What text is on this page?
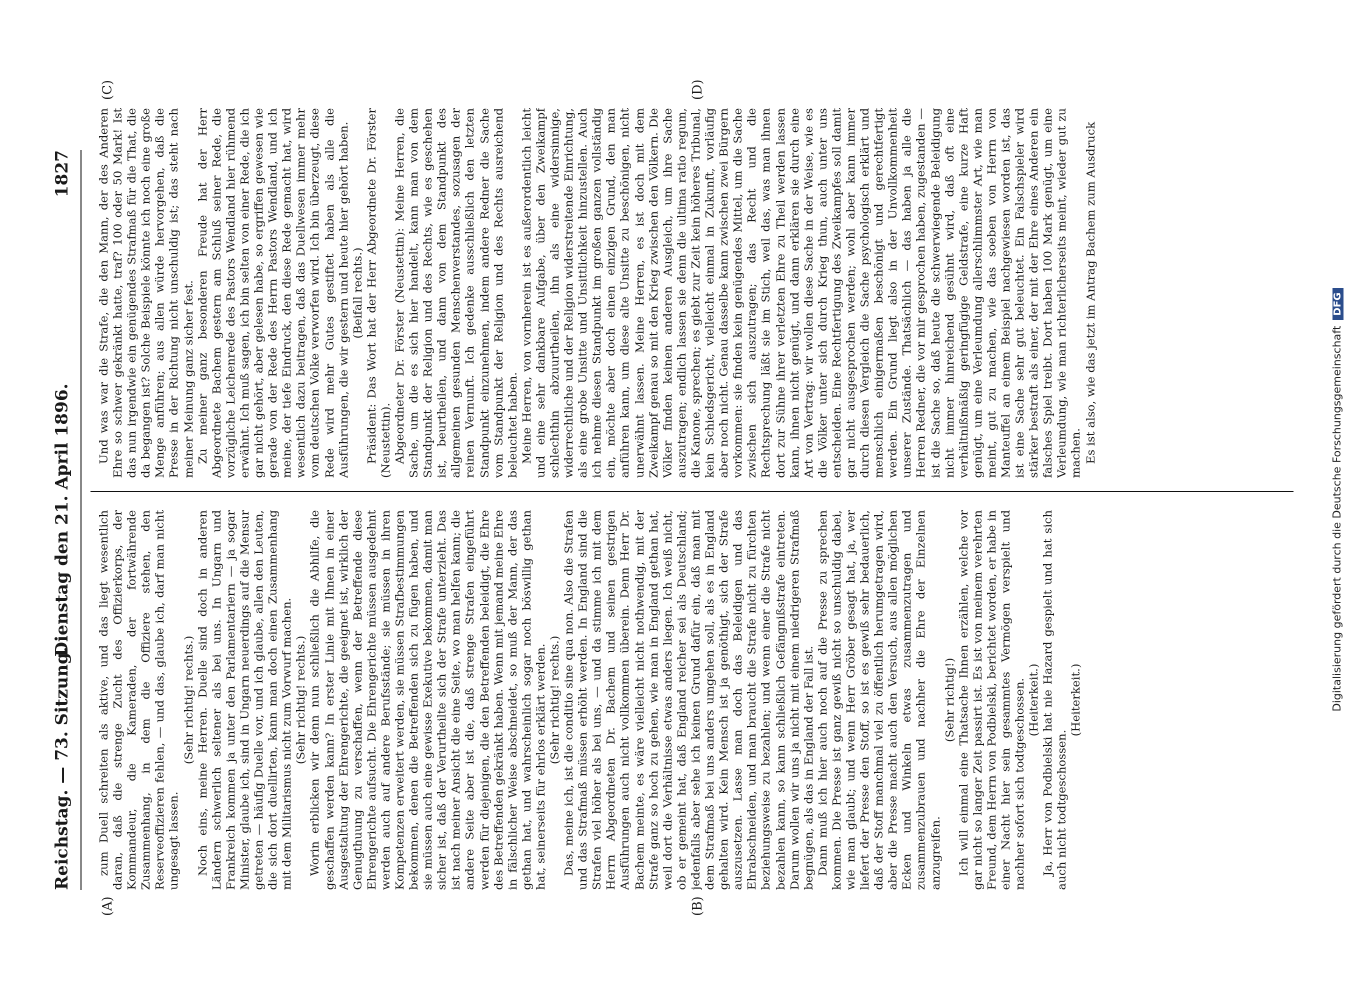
Reichstag. — 73. Sitzung.
Dienstag den 21. April 1896.
1827
(A)	(B)
(C)	(D)

zum Duell schreiten als aktive, und das liegt wesentlich daran, daß die strenge Zucht des Offizierkorps, der Kommandeur, die Kameraden, der fortwährende Zusammenhang, in dem die Offiziere stehen, den Reserveoffizieren fehlen, — und das, glaube ich, darf man nicht ungesagt lassen.

(Sehr richtig! rechts.) Noch eins, meine Herren. Duelle sind doch in anderen Ländern schwerlich seltener als bei uns. In Ungarn und Frankreich kommen ja unter den Parlamentariern — ja sogar Minister, glaube ich, sind in Ungarn neuerdings auf die Mensur getreten — häufig Duelle vor, und ich glaube, allen den Leuten, die sich dort duellirten, kann man doch einen Zusammenhang mit dem Militarismus nicht zum Vorwurf machen. (Sehr richtig! rechts.) Worin erblicken wir denn nun schließlich die Abhilfe, die geschaffen werden kann? In erster Linie mit Ihnen in einer Ausgestaltung der Ehrengerichte, die geeignet ist, wirklich der Genugthuung zu verschaffen, wenn der Betreffende diese Ehrengerichte aufsucht. Die Ehrengerichte müssen ausgedehnt werden auch auf andere Berufsstände; sie müssen in ihren Kompetenzen erweitert werden, sie müssen Strafbestimmungen bekommen, denen die Betreffenden sich zu fügen haben, und sie müssen auch eine gewisse Exekutive bekommen, damit man sicher ist, daß der Verurtheilte sich der Strafe unterzieht. Das ist nach meiner Ansicht die eine Seite, wo man helfen kann; die andere Seite aber ist die, daß strenge Strafen eingeführt werden für diejenigen, die den Betreffenden beleidigt, die Ehre des Betreffenden gekränkt haben. Wenn mit jemand meine Ehre in fälschlicher Weise abschneidet, so muß der Mann, der das gethan hat, und wahrscheinlich sogar noch böswillig gethan hat, seinerseits für ehrlos erklärt werden. (Sehr richtig! rechts.) Das, meine ich, ist die conditio sine qua non. Also die Strafen und das Strafmaß müssen erhöht werden. In England sind die Strafen viel höher als bei uns, — und da stimme ich mit dem Herrn Abgeordneten Dr. Bachem und seinen gestrigen Ausführungen auch nicht vollkommen überein. Denn Herr Dr. Bachem meinte, es wäre vielleicht nicht nothwendig, mit der Strafe ganz so hoch zu gehen, wie man in England gethan hat, weil dort die Verhältnisse etwas anders liegen. Ich weiß nicht, ob er gemeint hat, daß England reicher sei als Deutschland; jedenfalls aber sehe ich keinen Grund dafür ein, daß man mit dem Strafmaß bei uns anders umgehen soll, als es in England gehalten wird. Kein Mensch ist ja genöthigt, sich der Strafe auszusetzen. Lasse man doch das Beleidigen und das Ehrabschneiden, und man braucht die Strafe nicht zu fürchten beziehungsweise zu bezahlen; und wenn einer die Strafe nicht bezahlen kann, so kann schließlich Gefängnißstrafe eintreten. Darum wollen wir uns ja nicht mit einem niedrigeren Strafmaß begnügen, als das in England der Fall ist. Dann muß ich hier auch noch auf die Presse zu sprechen kommen. Die Presse ist ganz gewiß nicht so unschuldig dabei, wie man glaubt; und wenn Herr Gröber gesagt hat, ja, wer liefert der Presse den Stoff, so ist es gewiß sehr bedauerlich, daß der Stoff manchmal viel zu öffentlich herumgetragen wird, aber die Presse macht auch den Versuch, aus allen möglichen Ecken und Winkeln etwas zusammenzutragen und zusammenzubrauen und nachher die Ehre der Einzelnen anzugreifen.

(Sehr richtig!) Ich will einmal eine Thatsache Ihnen erzählen, welche vor gar nicht so langer Zeit passirt ist. Es ist von meinem verehrten Freund, dem Herrn von Podbielski, berichtet worden, er habe in einer Nacht hier sein gesammtes Vermögen verspielt und nachher sofort sich todtgeschossen. (Heiterkeit.) Ja, Herr von Podbielski hat nie Hazard gespielt und hat sich auch nicht todtgeschossen.

(Heiterkeit.)

Und was war die Strafe, die den Mann, der des Anderen Ehre so schwer gekränkt hatte, traf? 100 oder 50 Mark! Ist das nun irgendwie ein genügendes Strafmaß für die That, die da begangen ist? Solche Beispiele könnte ich noch eine große Menge anführen; aus allen würde hervorgehen, daß die Presse in der Richtung nicht unschuldig ist; das steht nach meiner Meinung ganz sicher fest. Zu meiner ganz besonderen Freude hat der Herr Abgeordnete Bachem gestern am Schluß seiner Rede, die vorzügliche Leichenrede des Pastors Wendland hier rühmend erwähnt. Ich muß sagen, ich bin selten von einer Rede, die ich gar nicht gehört, aber gelesen habe, so ergriffen gewesen wie gerade von der Rede des Herrn Pastors Wendland, und ich meine, der tiefe Eindruck, den diese Rede gemacht hat, wird wesentlich dazu beitragen, daß das Duellwesen immer mehr vom deutschen Volke verworfen wird. Ich bin überzeugt, diese Rede wird mehr Gutes gestiftet haben als alle die Ausführungen, die wir gestern und heute hier gehört haben. (Beifall rechts.) Präsident: Das Wort hat der Herr Abgeordnete Dr. Förster (Neustettin). Abgeordneter Dr. Förster (Neustettin): Meine Herren, die Sache, um die es sich hier handelt, kann man von dem Standpunkt der Religion und des Rechts, wie es geschehen ist, beurtheilen, und dann von dem Standpunkt des allgemeinen gesunden Menschenverstandes, sozusagen der reinen Vernunft. Ich gedenke ausschließlich den letzten Standpunkt einzunehmen, indem andere Redner die Sache vom Standpunkt der Religion und des Rechts ausreichend beleuchtet haben. Meine Herren, von vornherein ist es außerordentlich leicht und eine sehr dankbare Aufgabe, über den Zweikampf schlechthin abzuurtheilen, ihn als eine widersinnige, widerrechtliche und der Religion widerstreitende Einrichtung, als eine grobe Unsitte und Unsittlichkeit hinzustellen. Auch ich nehme diesen Standpunkt im großen ganzen vollständig ein, möchte aber doch einen einzigen Grund, den man anführen kann, um diese alte Unsitte zu beschönigen, nicht unerwähnt lassen. Meine Herren, es ist doch mit dem Zweikampf genau so mit den Krieg zwischen den Völkern. Die Völker finden keinen anderen Ausgleich, um ihre Sache auszutragen; endlich lassen sie denn die ultima ratio regum, die Kanone, sprechen; es giebt zur Zeit kein höheres Tribunal, kein Schiedsgericht, vielleicht einmal in Zukunft, vorläufig aber noch nicht. Genau dasselbe kann zwischen zwei Bürgern vorkommen: sie finden kein genügendes Mittel, um die Sache zwischen sich auszutragen; das Recht und die Rechtsprechung läßt sie im Stich, weil das, was man ihnen dort zur Sühne ihrer verletzten Ehre zu Theil werden lassen kann, ihnen nicht genügt, und dann erklären sie durch eine Art von Vertrag: wir wollen diese Sache in der Weise, wie es die Völker unter sich durch Krieg thun, auch unter uns entscheiden. Eine Rechtfertigung des Zweikampfes soll damit gar nicht ausgesprochen werden; wohl aber kann immer durch diesen Vergleich die Sache psychologisch erklärt und menschlich einigermaßen beschönigt und gerechtfertigt werden. Ein Grund liegt also in der Unvollkommenheit unserer Zustände. Thatsächlich — das haben ja alle die Herren Redner, die vor mir gesprochen haben, zugestanden — ist die Sache so, daß heute die schwerwiegende Beleidigung nicht immer hinreichend gesühnt wird, daß oft eine verhältnißmäßig geringfügige Geldstrafe, eine kurze Haft genügt, um eine Verleumdung allerschlimmster Art, wie man meint, gut zu machen, wie das soeben von Herrn von Manteuffel an einem Beispiel nachgewiesen worden ist, das ist eine Sache sehr gut beleuchtet. Ein Falschspieler wird stärker bestraft als einer, der mit der Ehre eines Anderen ein falsches Spiel treibt. Dort haben 100 Mark genügt, um eine Verleumdung, wie man richterlicherseits meint, wieder gut zu machen. Es ist also, wie das jetzt im Antrag Bachem zum Ausdruck

Digitalisierung gefördert durch die Deutsche ForschungsgemeinschaftDFG
